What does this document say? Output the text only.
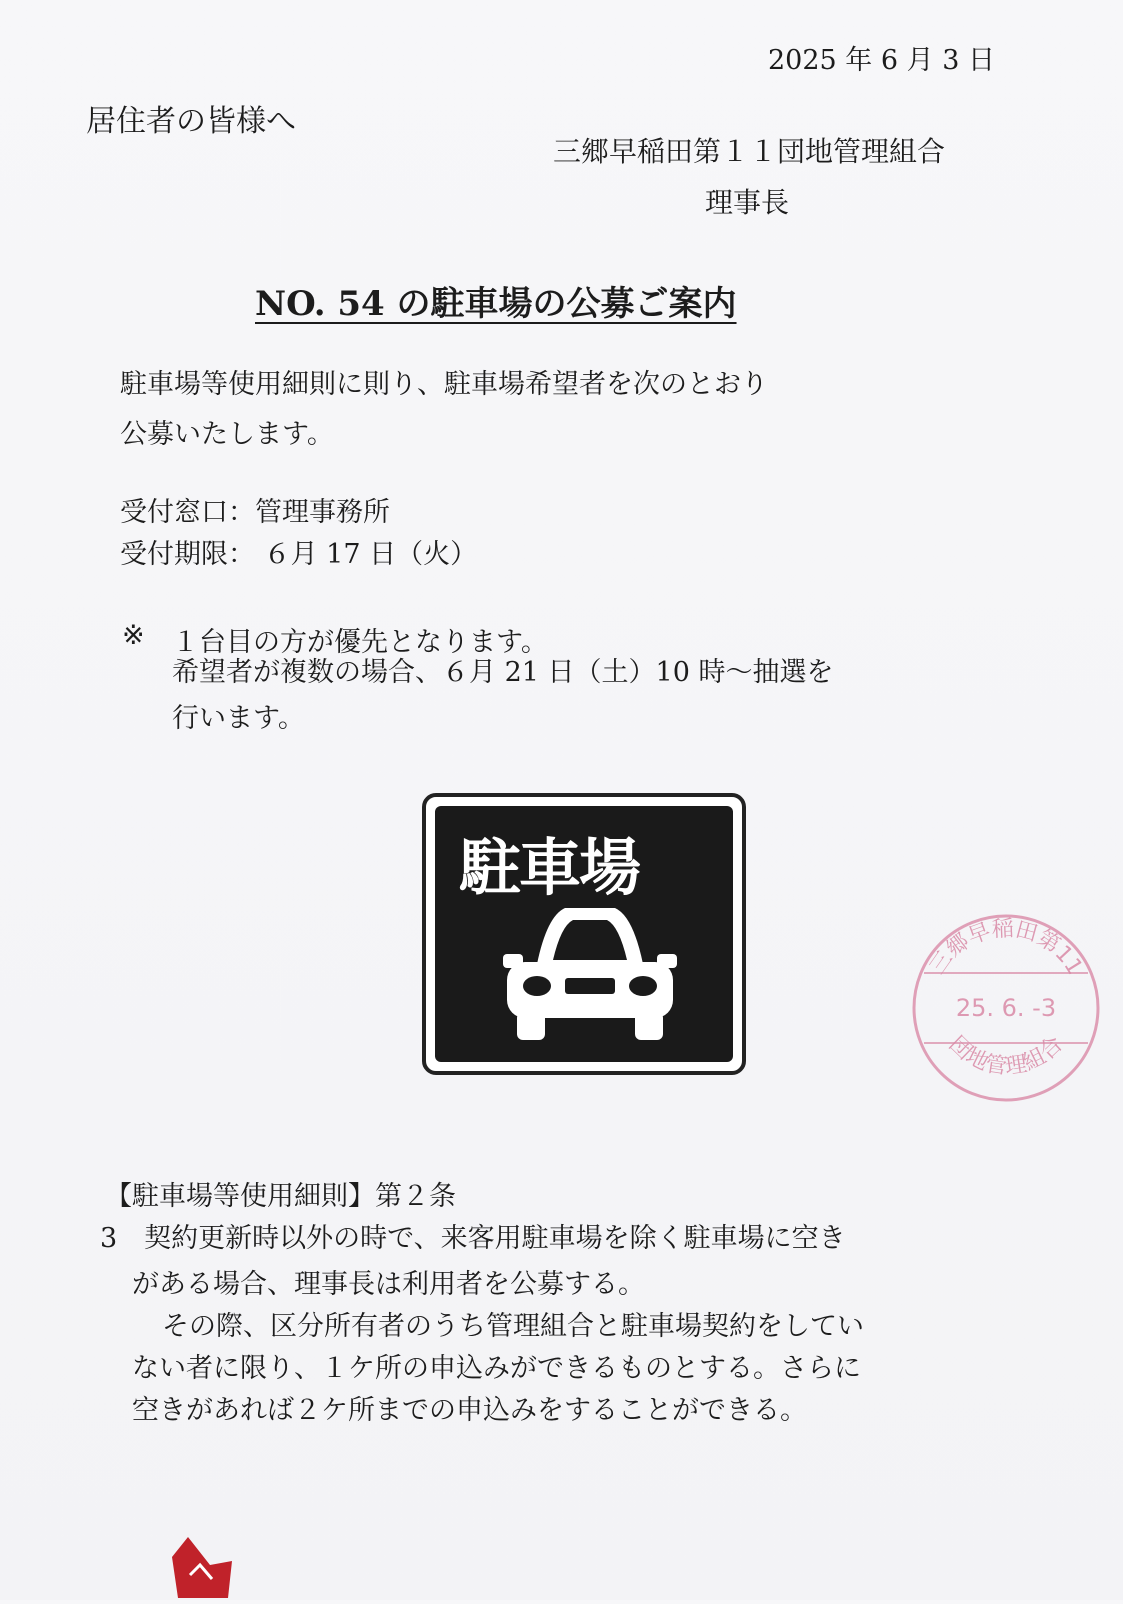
2025 年 6 月 3 日
居住者の皆様へ
三郷早稲田第１１団地管理組合
理事長
NO. 54 の駐車場の公募ご案内
駐車場等使用細則に則り、駐車場希望者を次のとおり
公募いたします。
受付窓口：管理事務所
受付期限： ６月 17 日（火）
※ １台目の方が優先となります。
希望者が複数の場合、６月 21 日（土）10 時～抽選を
行います。
駐車場
三郷早稲田第11
25. 6. -3
団地管理組合
【駐車場等使用細則】第２条
3　契約更新時以外の時で、来客用駐車場を除く駐車場に空き
がある場合、理事長は利用者を公募する。
その際、区分所有者のうち管理組合と駐車場契約をしてい
ない者に限り、１ケ所の申込みができるものとする。さらに
空きがあれば２ケ所までの申込みをすることができる。
